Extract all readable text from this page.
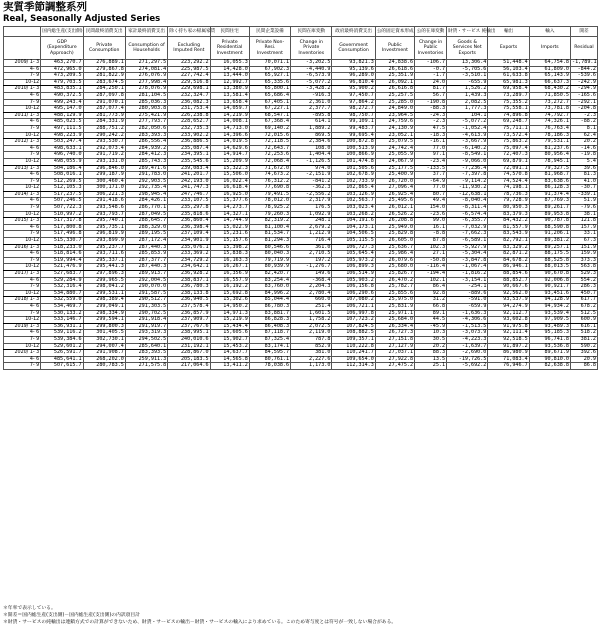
実質季節調整系列
Real, Seasonally Adjusted Series
	国内総生産(支出側)	民間最終消費支出	家計最終消費支出	除く持ち家の帰属家賃	民間住宅	民間企業設備	民間在庫変動	政府最終消費支出	公的固定資本形成	公的在庫変動	財貨・サービス 純輸出	輸出	輸入	開差
	GDP (Expenditure Approach)	Private Consumption	Consumption of Households	Excluding Imputed Rent	Private Residential Investment	Private Non-Resi. Investment	Change in Private Inventories	Government Consumption	Public Investment	Change in Public Inventories	Goods & Services Net Exports	Exports	Imports	Residual
2009/ 1- 3	463,270.7	276,889.1	271,297.5	223,292.2	16,055.3	70,071.1	-3,202.5	93,821.3	24,838.6	-106.7	13,306.4	51,448.4	64,754.8	-1,789.1
4- 6	472,965.0	279,867.8	274,081.4	225,987.5	14,428.0	67,902.3	-4,440.9	95,139.6	26,618.6	-0.7	-5,705.6	56,103.4	61,809.0	-844.2
7- 9	473,209.5	281,822.9	276,076.9	227,742.4	13,444.0	65,927.1	-6,573.9	96,289.0	25,351.9	-1.7	-3,510.1	61,633.8	65,143.9	-539.6
10-12	479,703.5	283,674.5	277,998.4	229,516.8	12,992.7	65,335.6	-5,077.2	96,810.4	26,092.1	24.0	-655.9	65,981.3	66,637.3	-242.9
2010/ 1- 3	483,835.1	284,250.1	278,076.9	229,698.1	13,380.9	65,800.1	-3,428.2	95,900.2	26,616.8	81.7	1,526.2	69,958.4	68,430.2	-294.9
4- 6	490,372.5	287,097.8	281,104.5	232,324.7	13,581.4	65,686.4	-916.3	97,450.7	25,257.5	56.7	1,439.3	73,289.7	71,850.5	-165.6
7- 9	499,243.4	291,070.1	285,036.3	236,082.3	13,658.4	67,405.1	2,361.0	97,864.2	25,285.0	-190.8	2,082.5	75,355.2	73,272.7	-292.1
10-12	495,147.0	287,077.4	280,903.8	231,753.4	14,059.7	67,227.1	2,377.7	98,272.7	24,849.0	-88.3	1,777.3	75,558.1	73,781.8	-204.8
2011/ 1- 3	488,129.9	281,773.9	275,421.9	226,238.8	14,219.9	68,547.1	-895.8	98,750.7	23,964.5	-24.3	104.1	74,896.8	74,792.7	-2.3
4- 6	485,023.5	284,331.9	277,793.7	228,652.7	14,008.1	67,368.4	614.1	99,109.1	24,759.6	-2.3	-5,077.2	69,248.7	74,326.1	-88.2
7- 9	497,111.5	288,751.2	282,050.6	232,735.3	14,713.0	69,140.2	1,889.2	99,483.7	24,130.9	47.5	-1,052.4	75,711.1	76,763.4	8.1
10-12	498,223.9	290,242.2	283,393.3	233,902.2	14,396.6	72,015.6	869.5	99,695.4	23,052.1	-18.3	-4,613.9	73,572.4	78,186.3	62.4
2012/ 1- 3	503,247.4	293,530.7	286,556.4	236,886.5	14,019.5	72,118.5	2,384.6	100,872.8	25,079.5	-16.1	-3,667.9	75,863.2	79,531.1	20.2
4- 6	498,633.1	292,073.4	284,939.2	235,087.4	14,629.6	72,643.7	108.0	100,513.9	24,742.4	77.0	-6,140.2	75,097.4	81,237.6	-14.6
7- 9	496,740.0	291,719.2	284,412.3	234,395.1	14,914.7	72,253.6	1,404.4	100,866.9	25,055.9	97.1	-8,549.1	72,407.3	80,956.4	-19.8
10-12	498,055.9	293,131.0	285,743.3	235,545.6	15,209.9	72,068.4	-1,126.5	101,474.8	24,067.9	-23.4	-9,066.0	69,879.1	78,945.1	5.4
2013/ 1- 3	504,186.4	296,846.0	289,471.6	239,083.4	15,322.3	71,672.0	974.0	101,505.6	25,177.5	-133.5	-7,236.4	72,091.1	79,327.5	39.6
4- 6	508,016.1	299,187.9	291,783.0	241,201.7	15,506.0	74,673.2	-2,151.9	102,678.9	25,400.9	37.7	-7,397.8	74,570.8	81,968.7	81.3
7- 9	512,269.5	300,460.4	292,903.5	242,193.0	16,022.4	76,312.2	-841.2	102,733.9	26,720.0	-64.9	-9,114.2	74,524.4	83,638.6	41.0
10-12	512,105.3	300,171.0	292,735.4	241,747.3	16,618.4	77,690.8	-362.3	102,865.4	27,096.4	77.0	-11,930.2	74,198.1	86,128.3	-30.7
2014/ 1- 3	517,237.5	306,221.3	298,945.4	247,746.7	16,925.0	79,491.5	-2,556.2	103,126.9	26,925.4	80.7	-12,638.1	78,736.3	91,374.4	-339.1
4- 6	507,246.5	291,418.6	284,426.1	233,107.5	15,377.6	78,012.0	2,317.9	102,563.7	25,495.6	49.4	-8,040.4	79,728.9	87,769.3	51.9
7- 9	507,722.3	293,548.6	286,770.1	235,297.8	14,273.7	78,925.2	176.5	103,023.4	26,012.1	154.0	-8,311.4	80,950.3	89,261.7	-79.6
10-12	510,997.2	293,793.7	287,049.5	235,818.6	14,327.1	79,260.3	1,092.9	103,268.2	26,526.2	-23.6	-6,574.4	83,379.3	89,953.8	38.1
2015/ 1- 3	517,317.8	295,740.1	288,645.7	236,860.4	14,744.9	82,319.2	248.1	104,191.6	26,208.8	99.0	-6,355.7	84,432.2	90,787.8	121.8
4- 6	517,800.8	295,735.1	288,329.0	236,398.4	15,022.9	81,100.4	2,679.2	104,173.1	25,949.0	16.1	-7,032.9	81,557.9	88,590.8	157.9
7- 9	517,496.8	296,819.9	289,195.5	237,109.4	15,231.6	81,534.7	1,212.9	104,506.5	25,829.8	-8.8	-7,662.3	83,543.9	91,206.1	33.1
10-12	515,330.7	293,899.9	287,172.4	234,901.9	15,157.6	81,294.3	716.4	105,115.5	26,605.0	87.8	-6,589.1	82,792.1	89,381.2	67.3
2016/ 1- 3	518,233.0	295,237.7	287,440.3	235,076.1	15,398.2	80,546.6	361.0	106,727.3	25,636.7	102.3	-5,927.9	83,329.2	89,257.1	151.9
4- 6	518,814.6	293,711.6	285,853.9	233,369.2	15,838.3	80,040.3	2,710.5	105,645.4	25,986.4	27.1	-5,304.4	82,871.2	88,175.5	159.9
7- 9	519,994.4	295,337.1	287,377.7	234,729.2	16,163.3	79,719.9	197.2	105,973.2	26,079.6	-50.8	-3,847.8	84,678.2	88,525.8	373.3
10-12	521,476.9	295,441.3	287,440.3	234,642.1	16,267.1	80,939.9	-1,276.7	106,899.3	25,680.0	-116.4	-1,067.4	86,946.1	88,013.5	563.8
2017/ 1- 3	527,683.7	297,896.3	289,913.7	236,928.2	16,356.9	82,420.7	149.6	106,514.9	25,826.7	-194.4	-1,816.2	88,854.6	90,670.8	529.3
4- 6	529,284.9	299,965.5	292,004.5	238,837.1	16,557.9	83,254.4	-368.4	105,903.2	26,470.2	102.1	-3,154.1	88,852.7	92,006.8	554.2
7- 9	532,316.4	298,041.2	290,070.0	236,780.3	16,192.2	83,760.0	2,204.3	106,156.8	25,782.7	86.4	-254.1	90,667.6	90,921.7	286.3
10-12	534,880.7	299,531.1	291,587.5	238,133.8	15,692.8	84,996.2	2,780.4	106,290.6	25,855.6	92.8	-889.6	92,562.0	93,451.6	450.7
2018/ 1- 3	532,559.0	298,389.4	290,512.7	236,940.5	15,302.6	85,044.4	660.0	107,080.2	25,975.0	31.2	-591.0	93,537.9	94,128.9	617.7
4- 6	534,469.7	299,049.1	291,303.5	237,578.4	14,950.2	86,780.3	251.4	106,721.1	25,831.9	66.8	-659.9	94,274.9	94,934.2	678.2
7- 9	530,133.2	298,334.9	290,702.5	236,857.9	14,971.3	83,881.7	1,601.5	106,997.8	25,971.1	89.1	-1,636.3	92,112.7	93,539.4	512.5
10-12	533,146.7	299,594.1	291,918.4	237,909.7	15,219.9	86,828.3	1,758.2	107,723.2	25,684.0	44.5	-4,306.6	93,602.8	97,909.5	600.9
2019/ 1- 3	536,931.1	299,800.3	291,919.7	237,767.6	15,434.4	86,408.3	2,072.5	107,824.5	26,334.4	-45.9	-1,513.5	91,975.8	93,489.3	616.1
4- 6	539,116.2	301,405.5	293,319.3	238,995.1	15,605.6	87,118.7	2,119.0	108,882.5	26,727.3	10.3	-3,073.9	92,111.4	95,185.3	518.2
7- 9	539,384.6	302,730.1	294,502.5	240,010.6	15,902.7	87,325.4	787.8	109,357.1	27,151.8	30.5	-4,223.3	92,518.5	96,741.8	381.2
10-12	529,601.2	294,007.4	285,640.1	231,192.1	15,453.2	83,174.1	852.9	110,222.8	27,127.9	20.2	-1,639.7	91,897.2	93,536.8	590.2
2020/ 1- 3	526,591.7	291,908.7	283,393.5	228,867.0	14,637.7	84,595.7	381.0	110,241.7	27,037.1	88.3	-2,690.0	86,980.9	89,671.9	392.6
4- 6	485,641.1	268,202.0	259,911.3	205,183.5	14,565.8	80,761.1	2,227.6	109,654.0	27,922.8	13.5	-19,726.5	71,083.4	90,810.0	20.9
7- 9	507,615.7	280,783.5	271,575.8	217,064.6	13,411.2	78,038.6	1,173.0	112,314.3	27,475.2	25.1	-5,692.2	76,946.7	82,638.8	86.8
＊年率で表示している。
＊開差＝国内総生産(支出側)－国内総生産(支出側)の内訳項目計
＊財貨・サービスの純輸出は連鎖方式での計算ができないため、財貨・サービスの輸出－財貨・サービスの輸入により求めている。このため寄与度とは符号が一致しない場合がある。
